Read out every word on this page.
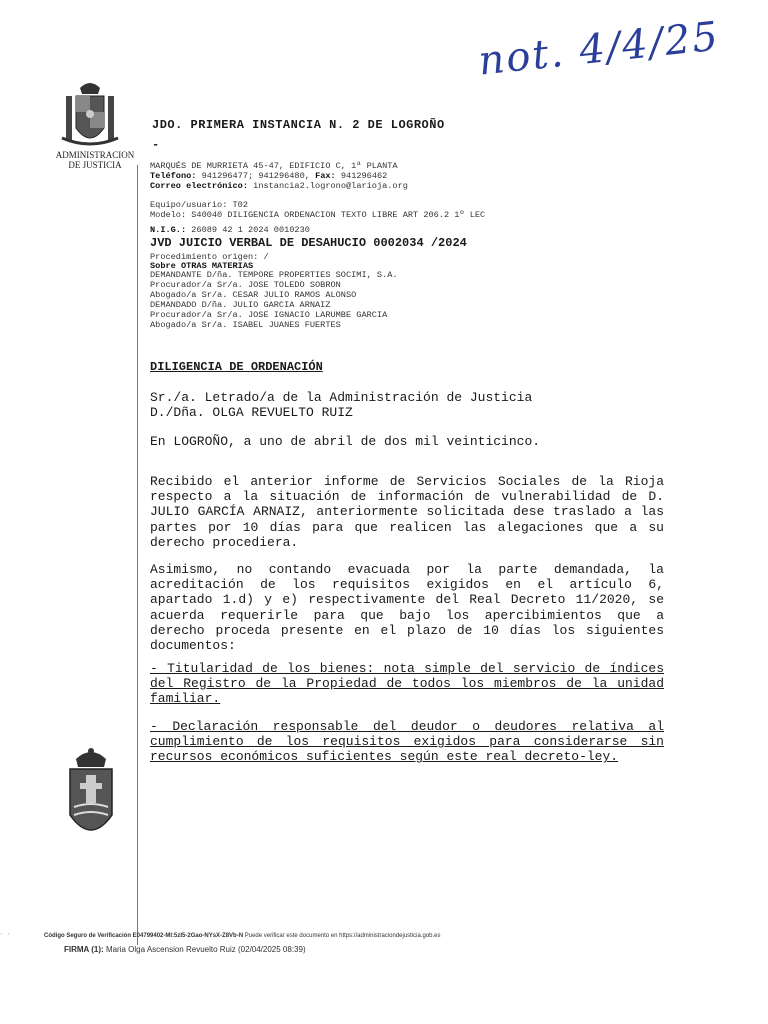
not. 4/4/25
ADMINISTRACION DE JUSTICIA
JDO. PRIMERA INSTANCIA N. 2 DE LOGROÑO
-
MARQUÉS DE MURRIETA 45-47, EDIFICIO C, 1ª PLANTA
Teléfono: 941296477; 941296480, Fax: 941296462
Correo electrónico: instancia2.logrono@larioja.org
Equipo/usuario: T02
Modelo: S40040 DILIGENCIA ORDENACION TEXTO LIBRE ART 206.2 1º LEC
N.I.G.: 26089 42 1 2024 0010230
JVD JUICIO VERBAL DE DESAHUCIO 0002034 /2024
Procedimiento origen: /
Sobre OTRAS MATERIAS
DEMANDANTE D/ña. TEMPORE PROPERTIES SOCIMI, S.A.
Procurador/a Sr/a. JOSE TOLEDO SOBRON
Abogado/a Sr/a. CESAR JULIO RAMOS ALONSO
DEMANDADO D/ña. JULIO GARCIA ARNAIZ
Procurador/a Sr/a. JOSE IGNACIO LARUMBE GARCIA
Abogado/a Sr/a. ISABEL JUANES FUERTES
DILIGENCIA DE ORDENACIÓN
Sr./a. Letrado/a de la Administración de Justicia
D./Dña. OLGA REVUELTO RUIZ
En LOGROÑO, a uno de abril de dos mil veinticinco.
Recibido el anterior informe de Servicios Sociales de la Rioja respecto a la situación de información de vulnerabilidad de D. JULIO GARCÍA ARNAIZ, anteriormente solicitada dese traslado a las partes por 10 días para que realicen las alegaciones que a su derecho procediera.
Asimismo, no contando evacuada por la parte demandada, la acreditación de los requisitos exigidos en el artículo 6, apartado 1.d) y e) respectivamente del Real Decreto 11/2020, se acuerda requerirle para que bajo los apercibimientos que a derecho proceda presente en el plazo de 10 días los siguientes documentos:
- Titularidad de los bienes: nota simple del servicio de índices del Registro de la Propiedad de todos los miembros de la unidad familiar.
- Declaración responsable del deudor o deudores relativa al cumplimiento de los requisitos exigidos para considerarse sin recursos económicos suficientes según este real decreto-ley.
‧ ‧	Código Seguro de Verificación E04799402-MI:5zI5-2Gao-NYsX-Z8Vb-N Puede verificar este documento en https://administraciondejusticia.gob.es
FIRMA (1): Maria Olga Ascension Revuelto Ruiz (02/04/2025 08:39)
